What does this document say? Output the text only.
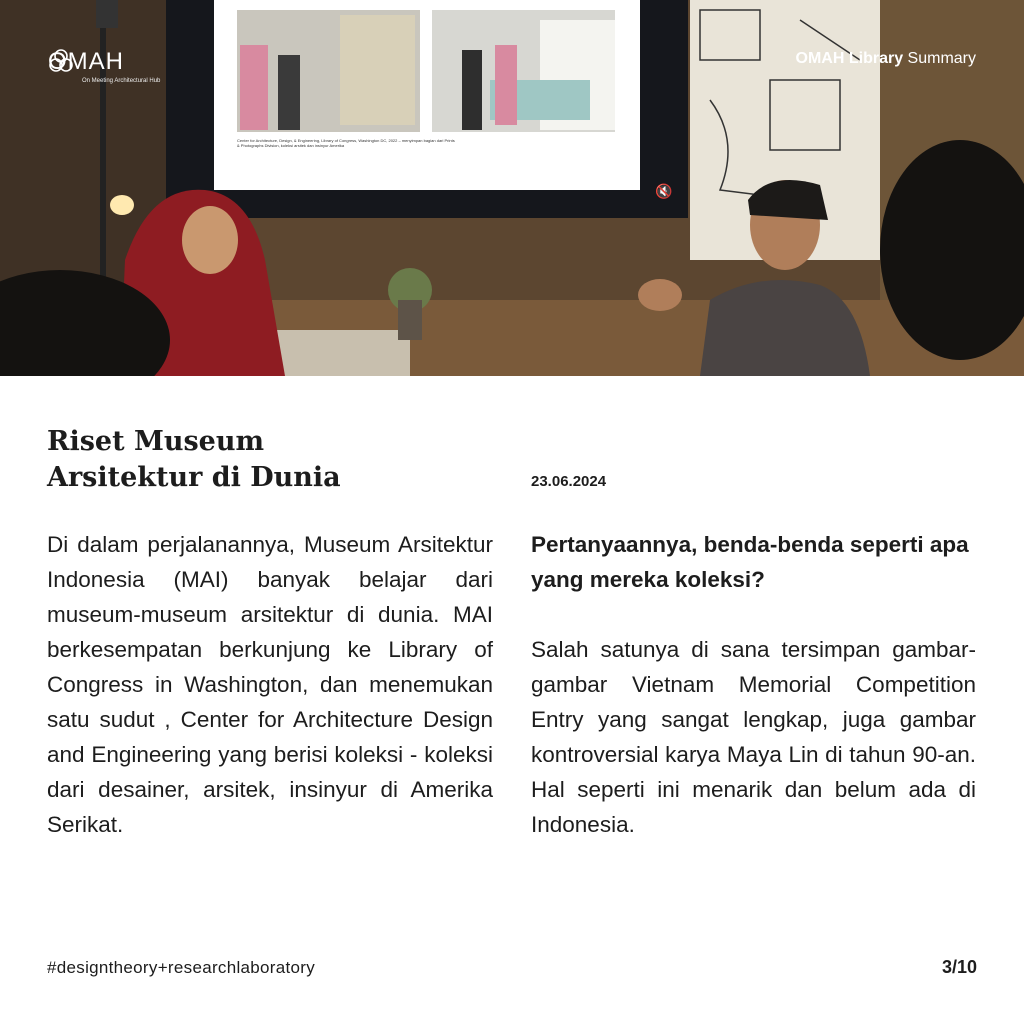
🔇
Center for Architecture, Design, & Engineering, Library of Congress, Washington DC, 2022 – menyimpan bagian dari Prints & Photographs Division, koleksi arsitek dan insinyur Amerika
OMAH
On Meeting Architectural Hub
OMAH Library Summary
Riset Museum
Arsitektur di Dunia	23.06.2024

Di dalam perjalanannya, Museum Arsitektur Indonesia (MAI) banyak belajar dari museum-museum arsitektur di dunia. MAI berkesempatan berkunjung ke Library of Congress in Washington, dan menemukan satu sudut , Center for Architecture Design and Engineering yang berisi koleksi - koleksi dari desainer, arsitek, insinyur di Amerika Serikat.

Pertanyaannya, benda-benda seperti apa yang mereka koleksi?

Salah satunya di sana tersimpan gambar-gambar Vietnam Memorial Competition Entry yang sangat lengkap, juga gambar kontroversial karya Maya Lin di tahun 90-an. Hal seperti ini menarik dan belum ada di Indonesia.

#designtheory+researchlaboratory	3/10
